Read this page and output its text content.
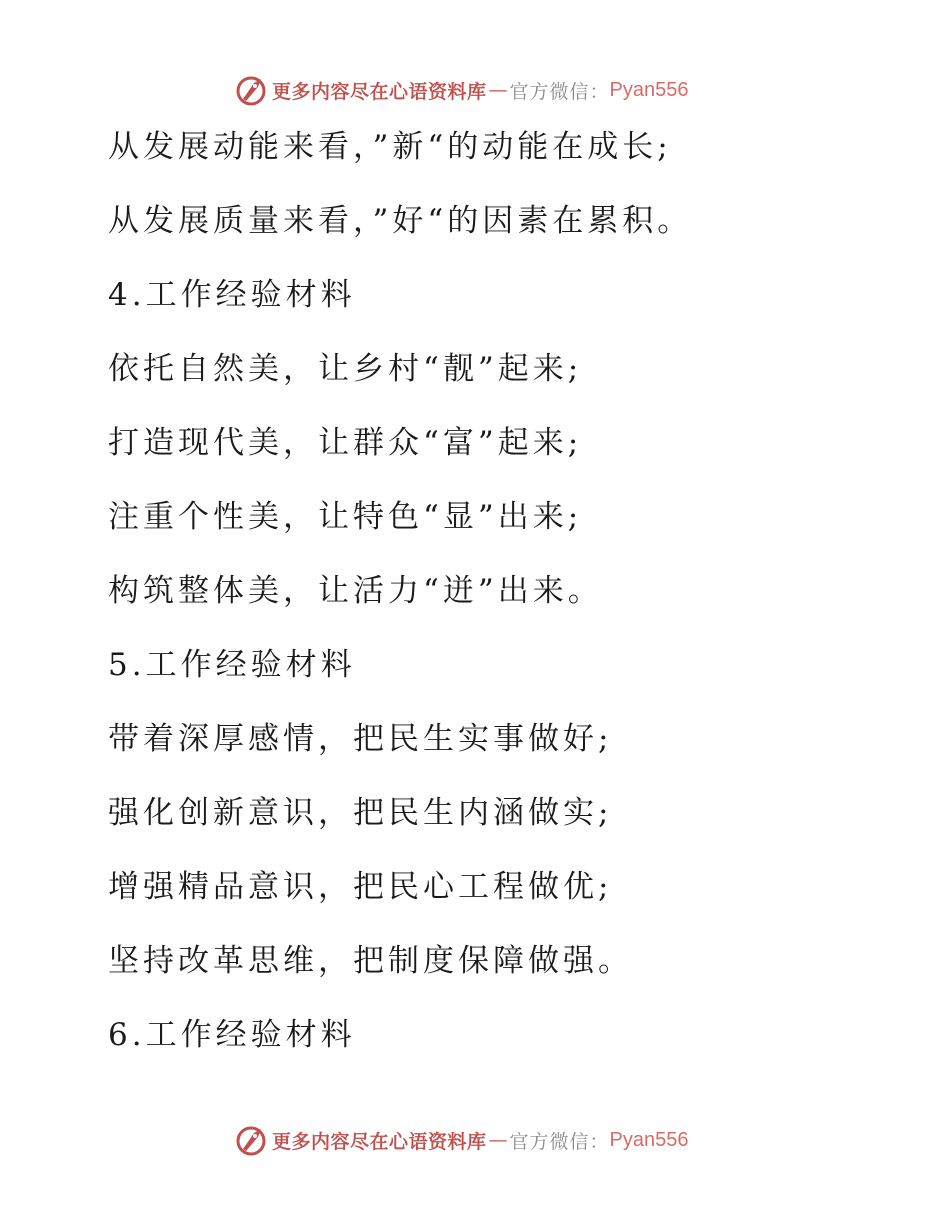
更多内容尽在心语资料库 — 官方微信： Pyan556
从发展动能来看，”新“的动能在成长;
从发展质量来看，”好“的因素在累积。
4.工作经验材料
依托自然美，让乡村“靓”起来;
打造现代美，让群众“富”起来;
注重个性美，让特色“显”出来;
构筑整体美，让活力“迸”出来。
5.工作经验材料
带着深厚感情，把民生实事做好;
强化创新意识，把民生内涵做实;
增强精品意识，把民心工程做优;
坚持改革思维，把制度保障做强。
6.工作经验材料
更多内容尽在心语资料库 — 官方微信： Pyan556
